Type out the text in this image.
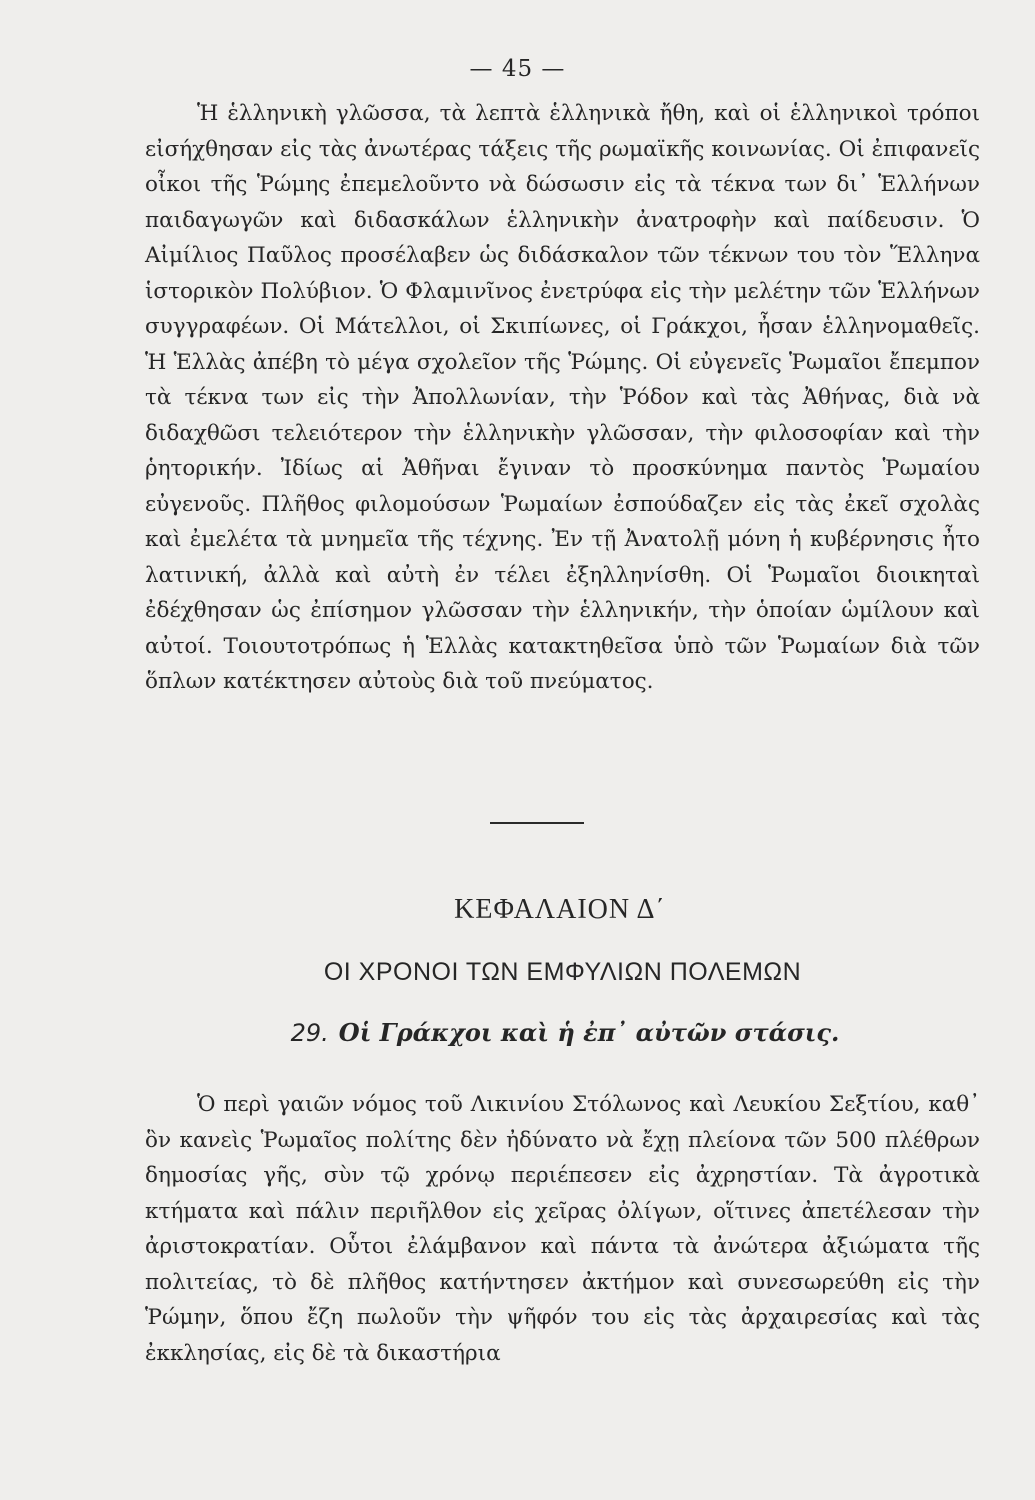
— 45 —

Ἡ ἑλληνικὴ γλῶσσα, τὰ λεπτὰ ἑλληνικὰ ἤθη, καὶ οἱ ἑλληνικοὶ τρόποι εἰσήχθησαν εἰς τὰς ἀνωτέρας τάξεις τῆς ρωμαϊκῆς κοινωνίας. Οἱ ἐπιφανεῖς οἶκοι τῆς Ῥώμης ἐπεμελοῦντο νὰ δώσωσιν εἰς τὰ τέκνα των δι᾿ Ἑλλήνων παιδαγωγῶν καὶ διδασκάλων ἑλληνικὴν ἀνατροφὴν καὶ παίδευσιν. Ὁ Αἰμίλιος Παῦλος προσέλαβεν ὡς διδάσκαλον τῶν τέκνων του τὸν Ἕλληνα ἱστορικὸν Πολύβιον. Ὁ Φλαμινῖνος ἐνετρύφα εἰς τὴν μελέτην τῶν Ἑλλήνων συγγραφέων. Οἱ Μάτελλοι, οἱ Σκιπίωνες, οἱ Γράκχοι, ἦσαν ἑλληνομαθεῖς. Ἡ Ἑλλὰς ἀπέβη τὸ μέγα σχολεῖον τῆς Ῥώμης. Οἱ εὐγενεῖς Ῥωμαῖοι ἔπεμπον τὰ τέκνα των εἰς τὴν Ἀπολλωνίαν, τὴν Ῥόδον καὶ τὰς Ἀθήνας, διὰ νὰ διδαχθῶσι τελειότερον τὴν ἑλληνικὴν γλῶσσαν, τὴν φιλοσοφίαν καὶ τὴν ῥητορικήν. Ἰδίως αἱ Ἀθῆναι ἔγιναν τὸ προσκύνημα παντὸς Ῥωμαίου εὐγενοῦς. Πλῆθος φιλομούσων Ῥωμαίων ἐσπούδαζεν εἰς τὰς ἐκεῖ σχολὰς καὶ ἐμελέτα τὰ μνημεῖα τῆς τέχνης. Ἐν τῇ Ἀνατολῇ μόνη ἡ κυβέρνησις ἦτο λατινική, ἀλλὰ καὶ αὐτὴ ἐν τέλει ἐξηλληνίσθη. Οἱ Ῥωμαῖοι διοικηταὶ ἐδέχθησαν ὡς ἐπίσημον γλῶσσαν τὴν ἑλληνικήν, τὴν ὁποίαν ὡμίλουν καὶ αὐτοί. Τοιουτοτρόπως ἡ Ἑλλὰς κατακτηθεῖσα ὑπὸ τῶν Ῥωμαίων διὰ τῶν ὅπλων κατέκτησεν αὐτοὺς διὰ τοῦ πνεύματος.

ΚΕΦΑΛΑΙΟΝ Δ΄
ΟΙ ΧΡΟΝΟΙ ΤΩΝ ΕΜΦΥΛΙΩΝ ΠΟΛΕΜΩΝ
29. Οἱ Γράκχοι καὶ ἡ ἐπ᾿ αὐτῶν στάσις.

Ὁ περὶ γαιῶν νόμος τοῦ Λικινίου Στόλωνος καὶ Λευκίου Σεξτίου, καθ᾿ ὃν κανεὶς Ῥωμαῖος πολίτης δὲν ἠδύνατο νὰ ἔχῃ πλείονα τῶν 500 πλέθρων δημοσίας γῆς, σὺν τῷ χρόνῳ περιέπεσεν εἰς ἀχρηστίαν. Τὰ ἀγροτικὰ κτήματα καὶ πάλιν περιῆλθον εἰς χεῖρας ὀλίγων, οἵτινες ἀπετέλεσαν τὴν ἀριστοκρατίαν. Οὗτοι ἐλάμβανον καὶ πάντα τὰ ἀνώτερα ἀξιώματα τῆς πολιτείας, τὸ δὲ πλῆθος κατήντησεν ἀκτήμον καὶ συνεσωρεύθη εἰς τὴν Ῥώμην, ὅπου ἔζη πωλοῦν τὴν ψῆφόν του εἰς τὰς ἀρχαιρεσίας καὶ τὰς ἐκκλησίας, εἰς δὲ τὰ δικαστήρια
